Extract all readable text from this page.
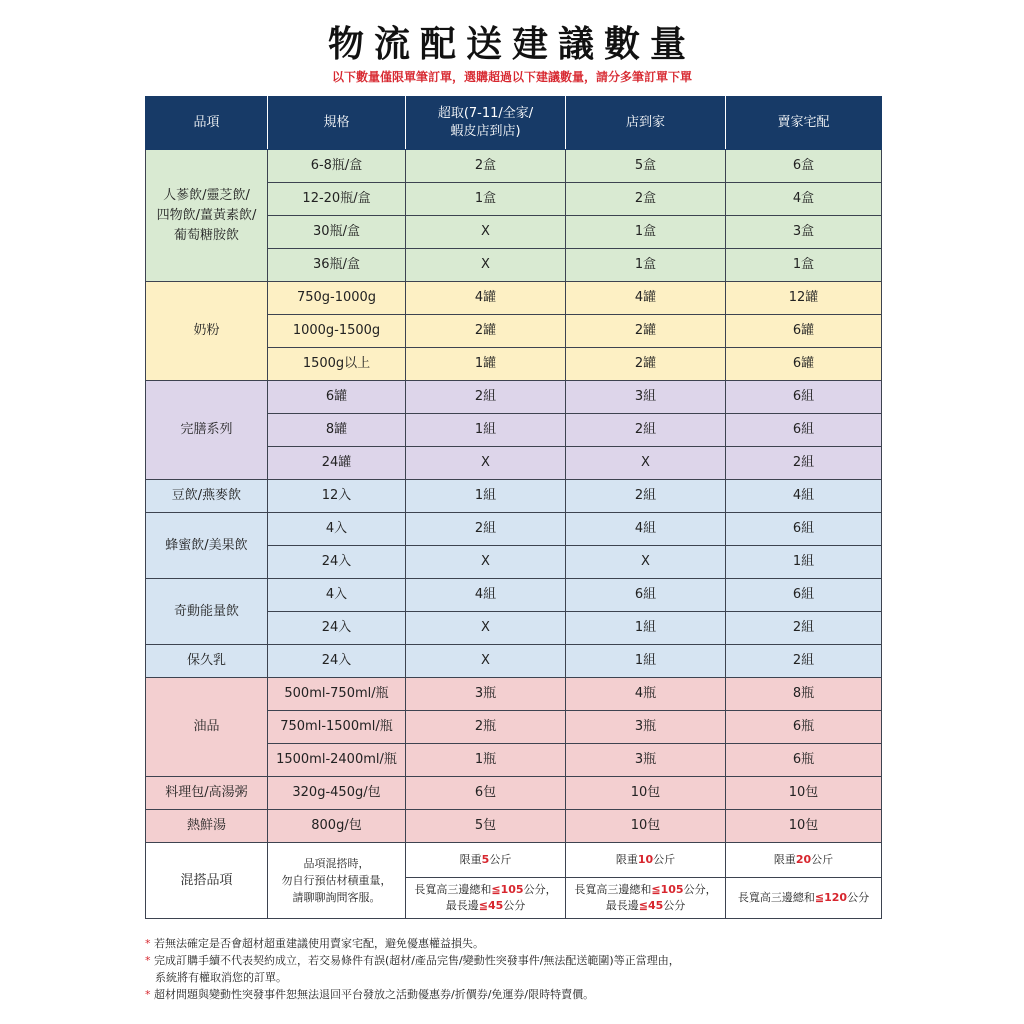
物流配送建議數量
以下數量僅限單筆訂單，選購超過以下建議數量，請分多筆訂單下單
品項	規格	超取(7-11/全家/
蝦皮店到店)	店到家	賣家宅配
人蔘飲/靈芝飲/
四物飲/薑黃素飲/
葡萄糖胺飲	6-8瓶/盒	2盒	5盒	6盒
	12-20瓶/盒	1盒	2盒	4盒
	30瓶/盒	X	1盒	3盒
	36瓶/盒	X	1盒	1盒
奶粉	750g-1000g	4罐	4罐	12罐
	1000g-1500g	2罐	2罐	6罐
	1500g以上	1罐	2罐	6罐
完膳系列	6罐	2組	3組	6組
	8罐	1組	2組	6組
	24罐	X	X	2組
豆飲/燕麥飲	12入	1組	2組	4組
蜂蜜飲/美果飲	4入	2組	4組	6組
	24入	X	X	1組
奇動能量飲	4入	4組	6組	6組
	24入	X	1組	2組
保久乳	24入	X	1組	2組
油品	500ml-750ml/瓶	3瓶	4瓶	8瓶
	750ml-1500ml/瓶	2瓶	3瓶	6瓶
	1500ml-2400ml/瓶	1瓶	3瓶	6瓶
料理包/高湯粥	320g-450g/包	6包	10包	10包
熱鮮湯	800g/包	5包	10包	10包
混搭品項	品項混搭時，
勿自行預估材積重量，
請聊聊詢問客服。	限重5公斤	限重10公斤	限重20公斤
		長寬高三邊總和≦105公分，
最長邊≦45公分	長寬高三邊總和≦105公分，
最長邊≦45公分	長寬高三邊總和≦120公分
* 若無法確定是否會超材超重建議使用賣家宅配，避免優惠權益損失。
* 完成訂購手續不代表契約成立，若交易條件有誤(超材/產品完售/變動性突發事件/無法配送範圍)等正當理由，
系統將有權取消您的訂單。
* 超材問題與變動性突發事件恕無法退回平台發放之活動優惠券/折價券/免運券/限時特賣價。
